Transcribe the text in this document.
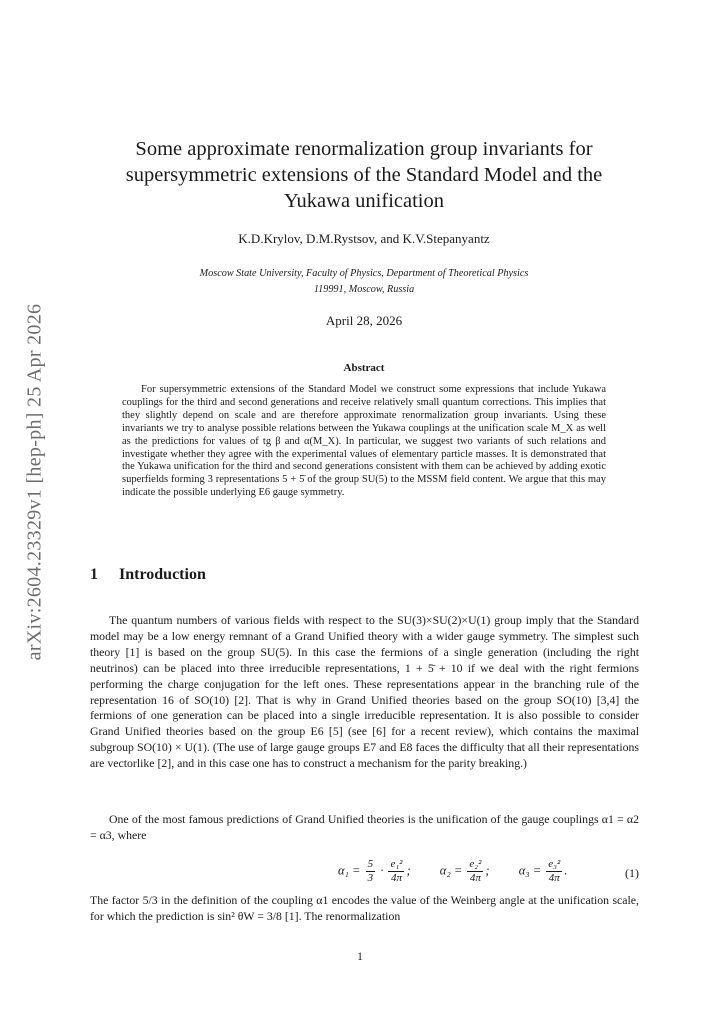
arXiv:2604.23329v1 [hep-ph] 25 Apr 2026
Some approximate renormalization group invariants for supersymmetric extensions of the Standard Model and the Yukawa unification
K.D.Krylov, D.M.Rystsov, and K.V.Stepanyantz
Moscow State University, Faculty of Physics, Department of Theoretical Physics
119991, Moscow, Russia
April 28, 2026
Abstract
For supersymmetric extensions of the Standard Model we construct some expressions that include Yukawa couplings for the third and second generations and receive relatively small quantum corrections. This implies that they slightly depend on scale and are therefore approximate renormalization group invariants. Using these invariants we try to analyse possible relations between the Yukawa couplings at the unification scale M_X as well as the predictions for values of tg β and α(M_X). In particular, we suggest two variants of such relations and investigate whether they agree with the experimental values of elementary particle masses. It is demonstrated that the Yukawa unification for the third and second generations consistent with them can be achieved by adding exotic superfields forming 3 representations 5 + 5̄ of the group SU(5) to the MSSM field content. We argue that this may indicate the possible underlying E6 gauge symmetry.
1 Introduction
The quantum numbers of various fields with respect to the SU(3)×SU(2)×U(1) group imply that the Standard model may be a low energy remnant of a Grand Unified theory with a wider gauge symmetry. The simplest such theory [1] is based on the group SU(5). In this case the fermions of a single generation (including the right neutrinos) can be placed into three irreducible representations, 1 + 5̄ + 10 if we deal with the right fermions performing the charge conjugation for the left ones. These representations appear in the branching rule of the representation 16 of SO(10) [2]. That is why in Grand Unified theories based on the group SO(10) [3,4] the fermions of one generation can be placed into a single irreducible representation. It is also possible to consider Grand Unified theories based on the group E6 [5] (see [6] for a recent review), which contains the maximal subgroup SO(10) × U(1). (The use of large gauge groups E7 and E8 faces the difficulty that all their representations are vectorlike [2], and in this case one has to construct a mechanism for the parity breaking.)
One of the most famous predictions of Grand Unified theories is the unification of the gauge couplings α1 = α2 = α3, where
$\alpha_1 = \frac{5}{3} \cdot \frac{\text{e₁²}}{4\pi}$ ; $\alpha_2 = \frac{\text{e₂²}}{4\pi}$ ; $\alpha_3 = \frac{\text{e₃²}}{4\pi}$ .	(1)
The factor 5/3 in the definition of the coupling α1 encodes the value of the Weinberg angle at the unification scale, for which the prediction is sin² θW = 3/8 [1]. The renormalization
1
